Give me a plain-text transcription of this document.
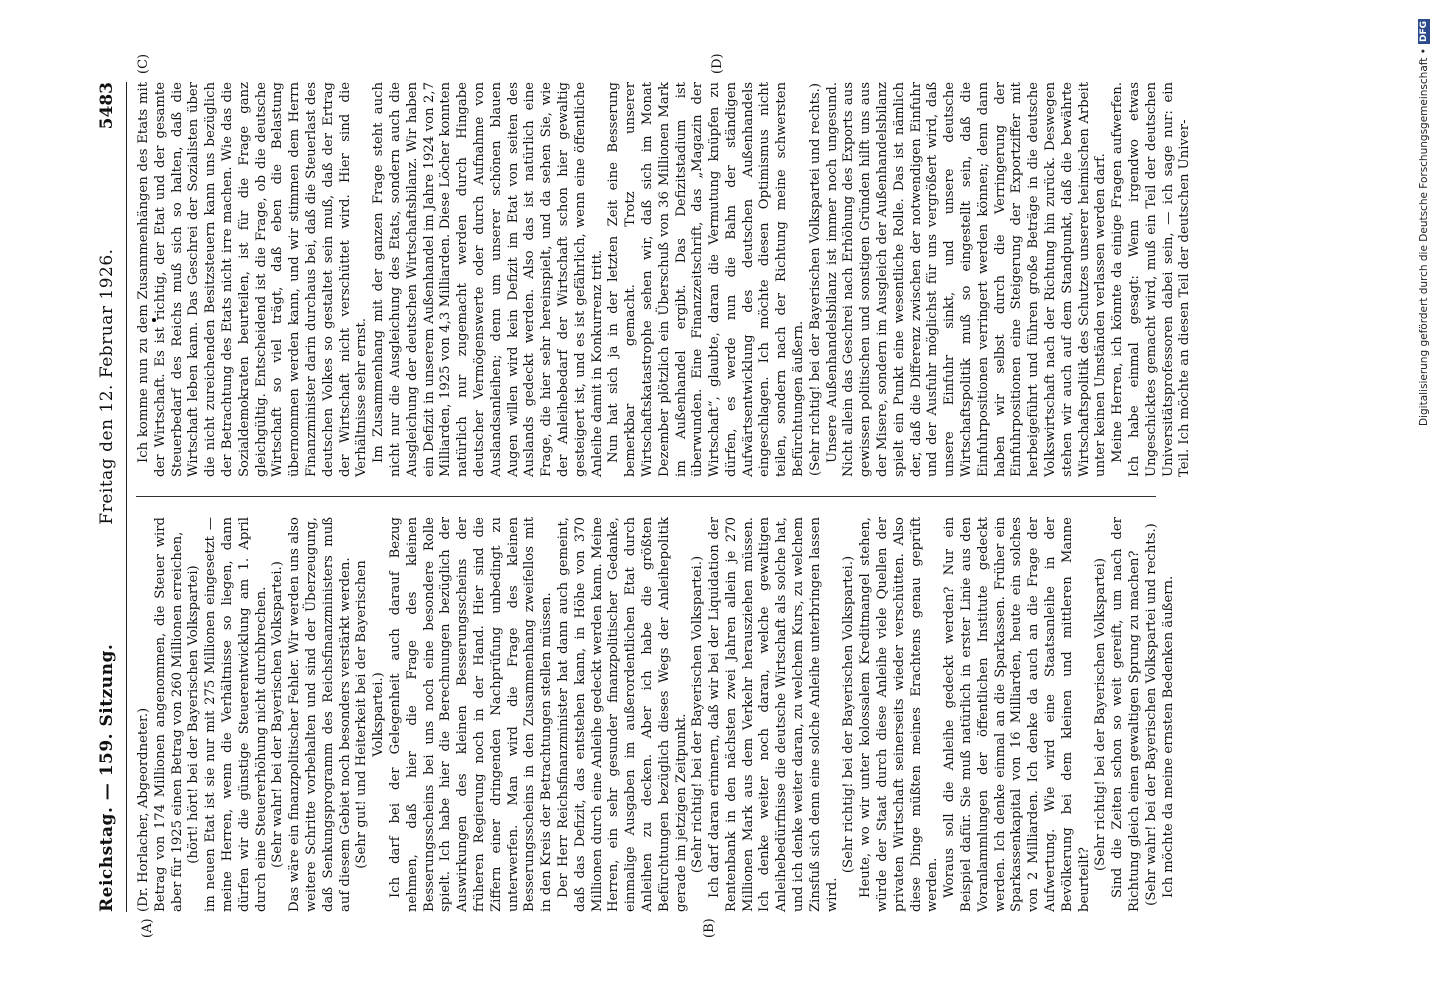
Reichstag. — 159. Sitzung.
Freitag den 12. Februar 1926.
5483
(A)	(B)
(C)	(D)

(Dr. Horlacher, Abgeordneter.) Betrag von 174 Millionen angenommen, die Steuer wird aber für 1925 einen Betrag von 260 Millionen erreichen, (hört! hört! bei der Bayerischen Volkspartei) im neuen Etat ist sie nur mit 275 Millionen eingesetzt — meine Herren, wenn die Verhältnisse so liegen, dann dürfen wir die günstige Steuerentwicklung am 1. April durch eine Steuererhöhung nicht durchbrechen. (Sehr wahr! bei der Bayerischen Volkspartei.) Das wäre ein finanzpolitischer Fehler. Wir werden uns also weitere Schritte vorbehalten und sind der Überzeugung, daß Senkungsprogramm des Reichsfinanzministers muß auf diesem Gebiet noch besonders verstärkt werden. (Sehr gut! und Heiterkeit bei der Bayerischen Volkspartei.) Ich darf bei der Gelegenheit auch darauf Bezug nehmen, daß hier die Frage des kleinen Besserungsscheins bei uns noch eine besondere Rolle spielt. Ich habe hier die Berechnungen bezüglich der Auswirkungen des kleinen Besserungsscheins der früheren Regierung noch in der Hand. Hier sind die Ziffern einer dringenden Nachprüfung unbedingt zu unterwerfen. Man wird die Frage des kleinen Besserungsscheins in den Zusammenhang zweifellos mit in den Kreis der Betrachtungen stellen müssen. Der Herr Reichsfinanzminister hat dann auch gemeint, daß das Defizit, das entstehen kann, in Höhe von 370 Millionen durch eine Anleihe gedeckt werden kann. Meine Herren, ein sehr gesunder finanzpolitischer Gedanke, einmalige Ausgaben im außerordentlichen Etat durch Anleihen zu decken. Aber ich habe die größten Befürchtungen bezüglich dieses Wegs der Anleihepolitik gerade im jetzigen Zeitpunkt. (Sehr richtig! bei der Bayerischen Volkspartei.) Ich darf daran erinnern, daß wir bei der Liquidation der Rentenbank in den nächsten zwei Jahren allein je 270 Millionen Mark aus dem Verkehr herausziehen müssen. Ich denke weiter noch daran, welche gewaltigen Anleihebedürfnisse die deutsche Wirtschaft als solche hat, und ich denke weiter daran, zu welchem Kurs, zu welchem Zinsfuß sich denn eine solche Anleihe unterbringen lassen wird.

(Sehr richtig! bei der Bayerischen Volkspartei.) Heute, wo wir unter kolossalem Kreditmangel stehen, würde der Staat durch diese Anleihe viele Quellen der privaten Wirtschaft seinerseits wieder verschütten. Also diese Dinge müßten meines Erachtens genau geprüft werden. Woraus soll die Anleihe gedeckt werden? Nur ein Beispiel dafür. Sie muß natürlich in erster Linie aus den Voranlammlungen der öffentlichen Institute gedeckt werden. Ich denke einmal an die Sparkassen. Früher ein Sparkassenkapital von 16 Milliarden, heute ein solches von 2 Milliarden. Ich denke da auch an die Frage der Aufwertung. Wie wird eine Staatsanleihe in der Bevölkerung bei dem kleinen und mittleren Manne beurteilt?

(Sehr richtig! bei der Bayerischen Volkspartei) Sind die Zeiten schon so weit gereift, um nach der Richtung gleich einen gewaltigen Sprung zu machen? (Sehr wahr! bei der Bayerischen Volkspartei und rechts.) Ich möchte da meine ernsten Bedenken äußern.

Ich komme nun zu dem Zusammenhängen des Etats mit der Wirtschaft. Es ist richtig, der Etat und der gesamte Steuerbedarf des Reichs muß sich so halten, daß die Wirtschaft leben kann. Das Geschrei der Sozialisten über die nicht zureichenden Besitzsteuern kann uns bezüglich der Betrachtung des Etats nicht irre machen. Wie das die Sozialdemokraten beurteilen, ist für die Frage ganz gleichgültig. Entscheidend ist die Frage, ob die deutsche Wirtschaft so viel trägt, daß eben die Belastung übernommen werden kann, und wir stimmen dem Herrn Finanzminister darin durchaus bei, daß die Steuerlast des deutschen Volkes so gestaltet sein muß, daß der Ertrag der Wirtschaft nicht verschüttet wird. Hier sind die Verhältnisse sehr ernst. Im Zusammenhang mit der ganzen Frage steht auch nicht nur die Ausgleichung des Etats, sondern auch die Ausgleichung der deutschen Wirtschaftsbilanz. Wir haben ein Defizit in unserem Außenhandel im Jahre 1924 von 2,7 Milliarden, 1925 von 4,3 Milliarden. Diese Löcher konnten natürlich nur zugemacht werden durch Hingabe deutscher Vermögenswerte oder durch Aufnahme von Auslandsanleihen; denn um unserer schönen blauen Augen willen wird kein Defizit im Etat von seiten des Auslands gedeckt werden. Also das ist natürlich eine Frage, die hier sehr hereinspielt, und da sehen Sie, wie der Anleihebedarf der Wirtschaft schon hier gewaltig gesteigert ist, und es ist gefährlich, wenn eine öffentliche Anleihe damit in Konkurrenz tritt. Nun hat sich ja in der letzten Zeit eine Besserung bemerkbar gemacht. Trotz unserer Wirtschaftskatastrophe sehen wir, daß sich im Monat Dezember plötzlich ein Überschuß von 36 Millionen Mark im Außenhandel ergibt. Das Defizitstadium ist überwunden. Eine Finanzzeitschrift, das „Magazin der Wirtschaft“, glaubte, daran die Vermutung knüpfen zu dürfen, es werde nun die Bahn der ständigen Aufwärtsentwicklung des deutschen Außenhandels eingeschlagen. Ich möchte diesen Optimismus nicht teilen, sondern nach der Richtung meine schwersten Befürchtungen äußern. (Sehr richtig! bei der Bayerischen Volkspartei und rechts.) Unsere Außenhandelsbilanz ist immer noch ungesund. Nicht allein das Geschrei nach Erhöhung des Exports aus gewissen politischen und sonstigen Gründen hilft uns aus der Misere, sondern im Ausgleich der Außenhandelsbilanz spielt ein Punkt eine wesentliche Rolle. Das ist nämlich der, daß die Differenz zwischen der notwendigen Einfuhr und der Ausfuhr möglichst für uns vergrößert wird, daß unsere Einfuhr sinkt, und unsere deutsche Wirtschaftspolitik muß so eingestellt sein, daß die Einfuhrpositionen verringert werden können; denn dann haben wir selbst durch die Verringerung der Einfuhrpositionen eine Steigerung der Exportziffer mit herbeigeführt und führen große Beträge in die deutsche Volkswirtschaft nach der Richtung hin zurück. Deswegen stehen wir auch auf dem Standpunkt, daß die bewährte Wirtschaftspolitik des Schutzes unserer heimischen Arbeit unter keinen Umständen verlassen werden darf. Meine Herren, ich könnte da einige Fragen aufwerfen. Ich habe einmal gesagt: Wenn irgendwo etwas Ungeschicktes gemacht wird, muß ein Teil der deutschen Universitätsprofessoren dabei sein, — ich sage nur: ein Teil. Ich möchte an diesen Teil der deutschen Univer-	Digitalisierung gefördert durch die Deutsche Forschungsgemeinschaft •
DFG
